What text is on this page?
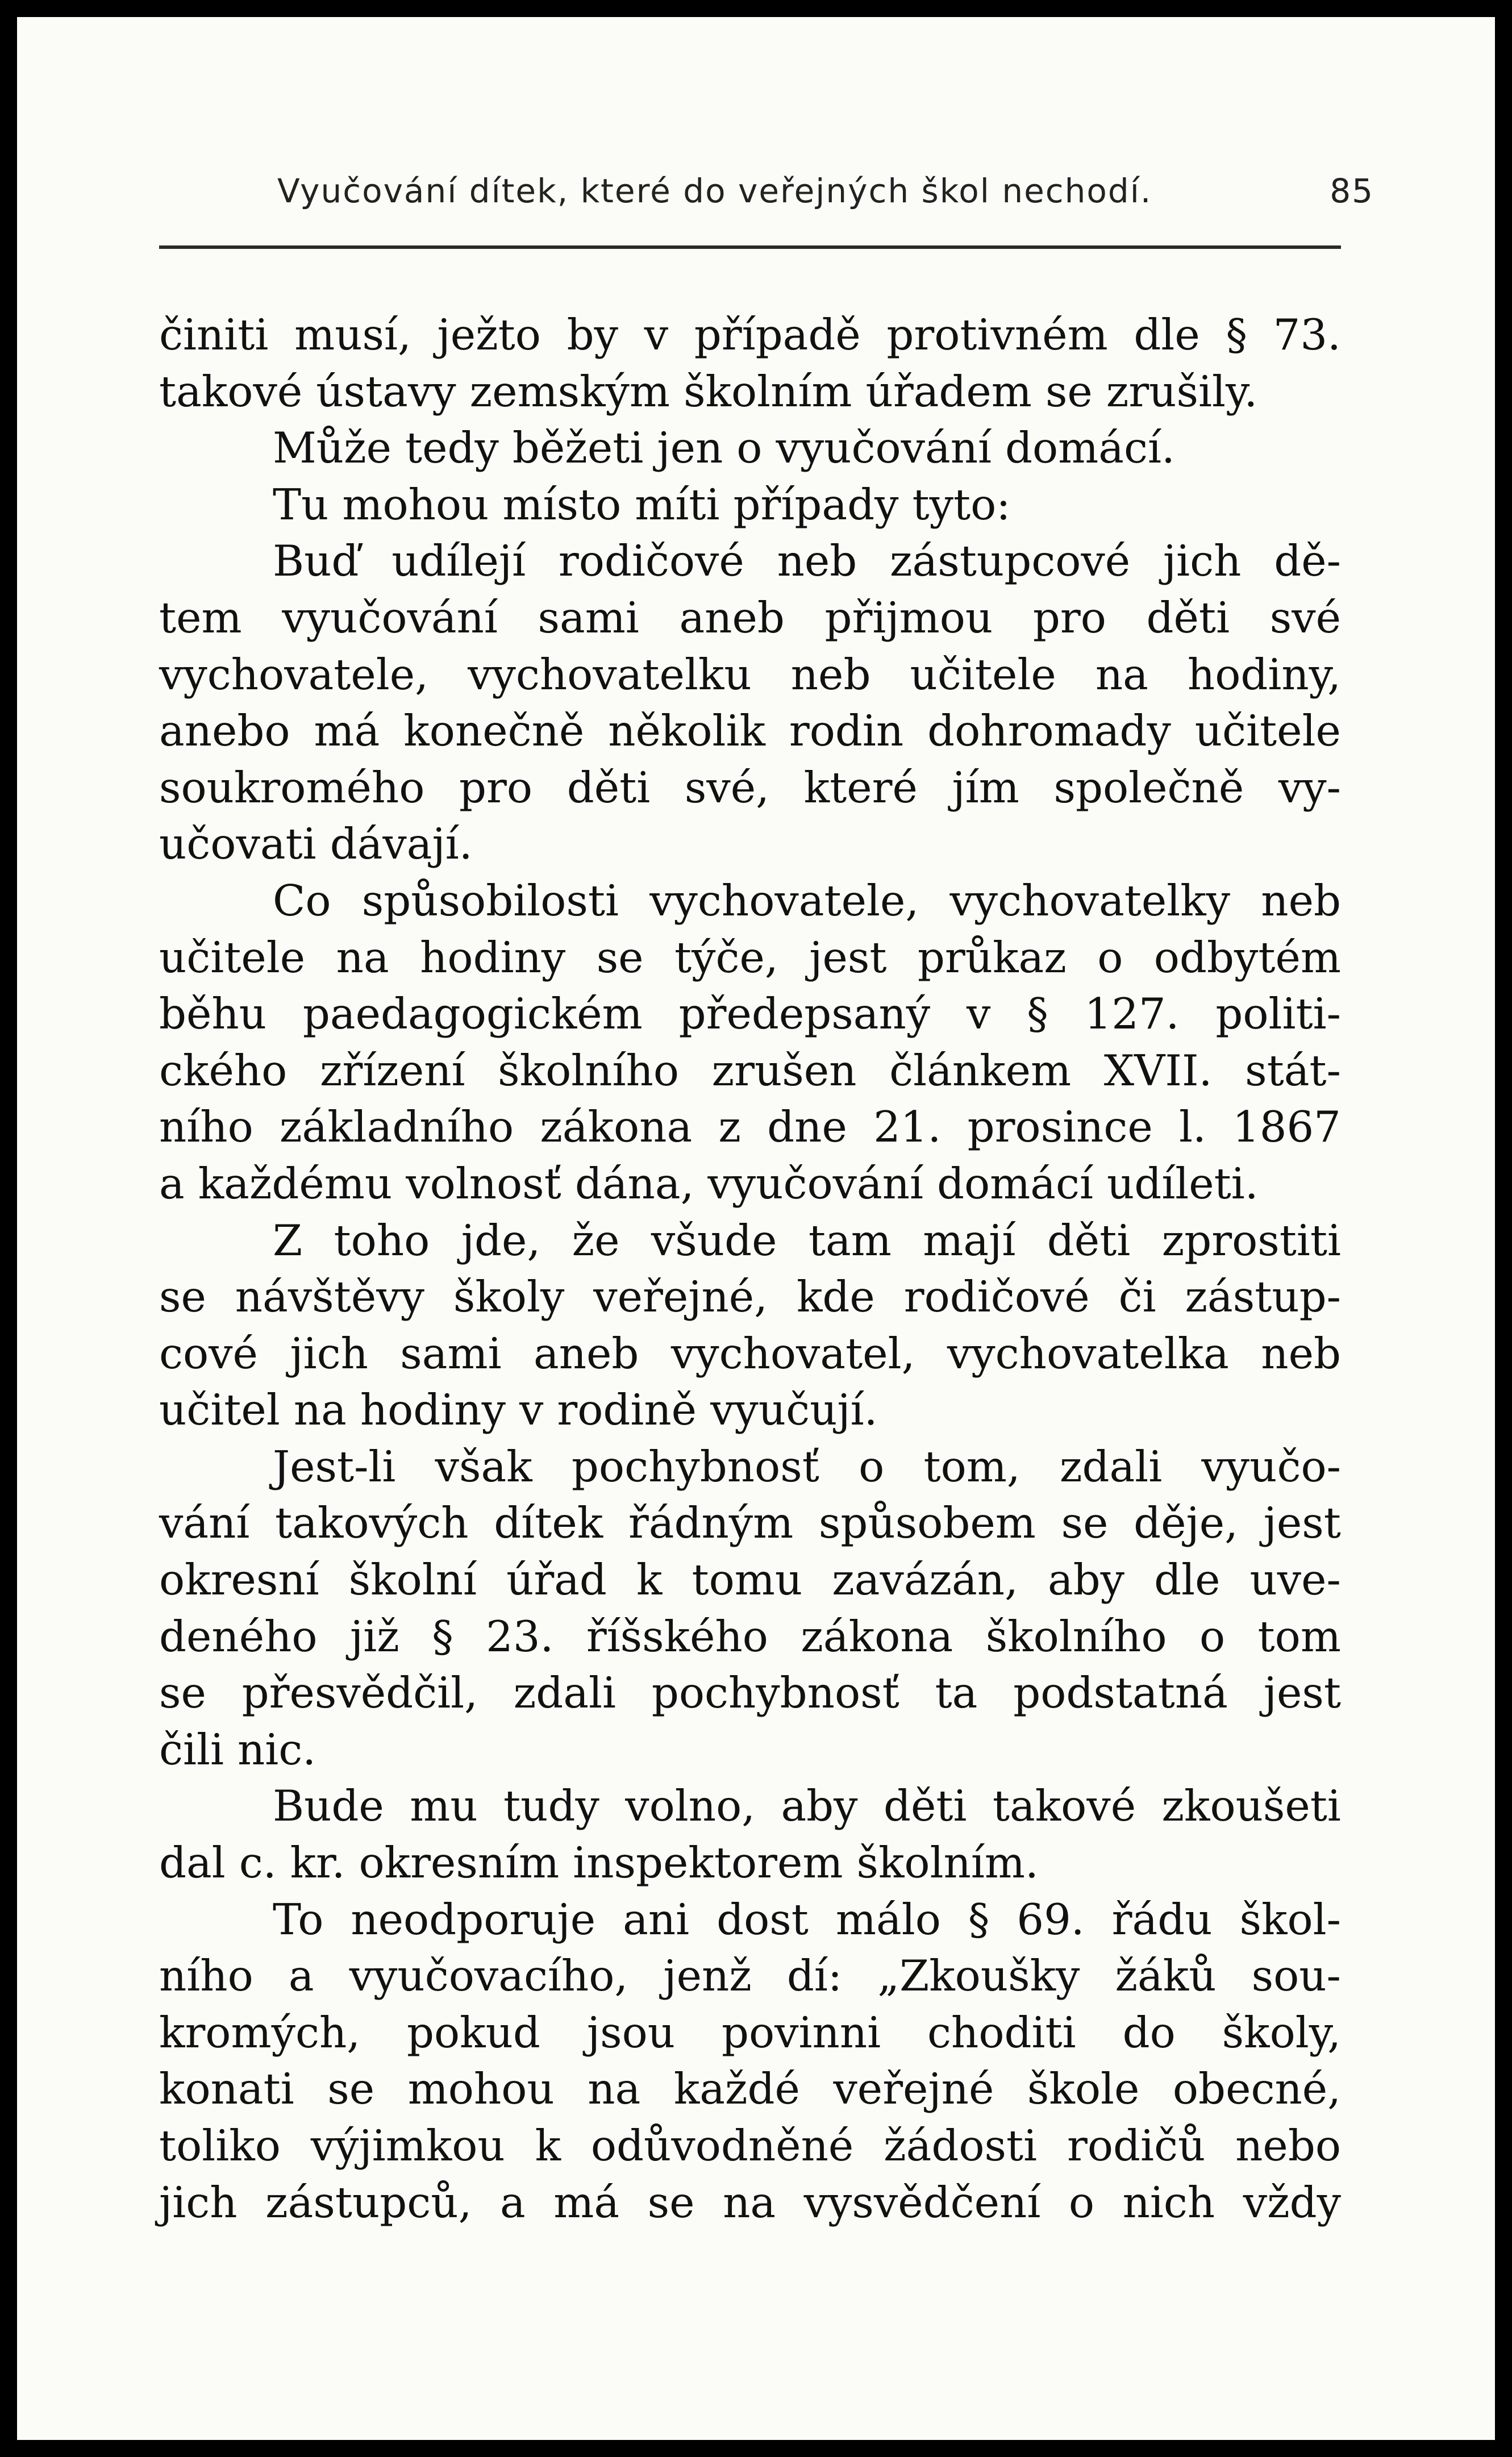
Vyučování dítek, které do veřejných škol nechodí.	85
činiti musí, ježto by v případě protivném dle § 73.
takové ústavy zemským školním úřadem se zrušily.
Může tedy běžeti jen o vyučování domácí.
Tu mohou místo míti případy tyto:
Buď udílejí rodičové neb zástupcové jich dě-
tem vyučování sami aneb přijmou pro děti své
vychovatele, vychovatelku neb učitele na hodiny,
anebo má konečně několik rodin dohromady učitele
soukromého pro děti své, které jím společně vy-
učovati dávají.
Co spůsobilosti vychovatele, vychovatelky neb
učitele na hodiny se týče, jest průkaz o odbytém
běhu paedagogickém předepsaný v § 127. politi-
ckého zřízení školního zrušen článkem XVII. stát-
ního základního zákona z dne 21. prosince l. 1867
a každému volnosť dána, vyučování domácí udíleti.
Z toho jde, že všude tam mají děti zprostiti
se návštěvy školy veřejné, kde rodičové či zástup-
cové jich sami aneb vychovatel, vychovatelka neb
učitel na hodiny v rodině vyučují.
Jest-li však pochybnosť o tom, zdali vyučo-
vání takových dítek řádným spůsobem se děje, jest
okresní školní úřad k tomu zavázán, aby dle uve-
deného již § 23. říšského zákona školního o tom
se přesvědčil, zdali pochybnosť ta podstatná jest
čili nic.
Bude mu tudy volno, aby děti takové zkoušeti
dal c. kr. okresním inspektorem školním.
To neodporuje ani dost málo § 69. řádu škol-
ního a vyučovacího, jenž dí: „Zkoušky žáků sou-
kromých, pokud jsou povinni choditi do školy,
konati se mohou na každé veřejné škole obecné,
toliko výjimkou k odůvodněné žádosti rodičů nebo
jich zástupců, a má se na vysvědčení o nich vždy
